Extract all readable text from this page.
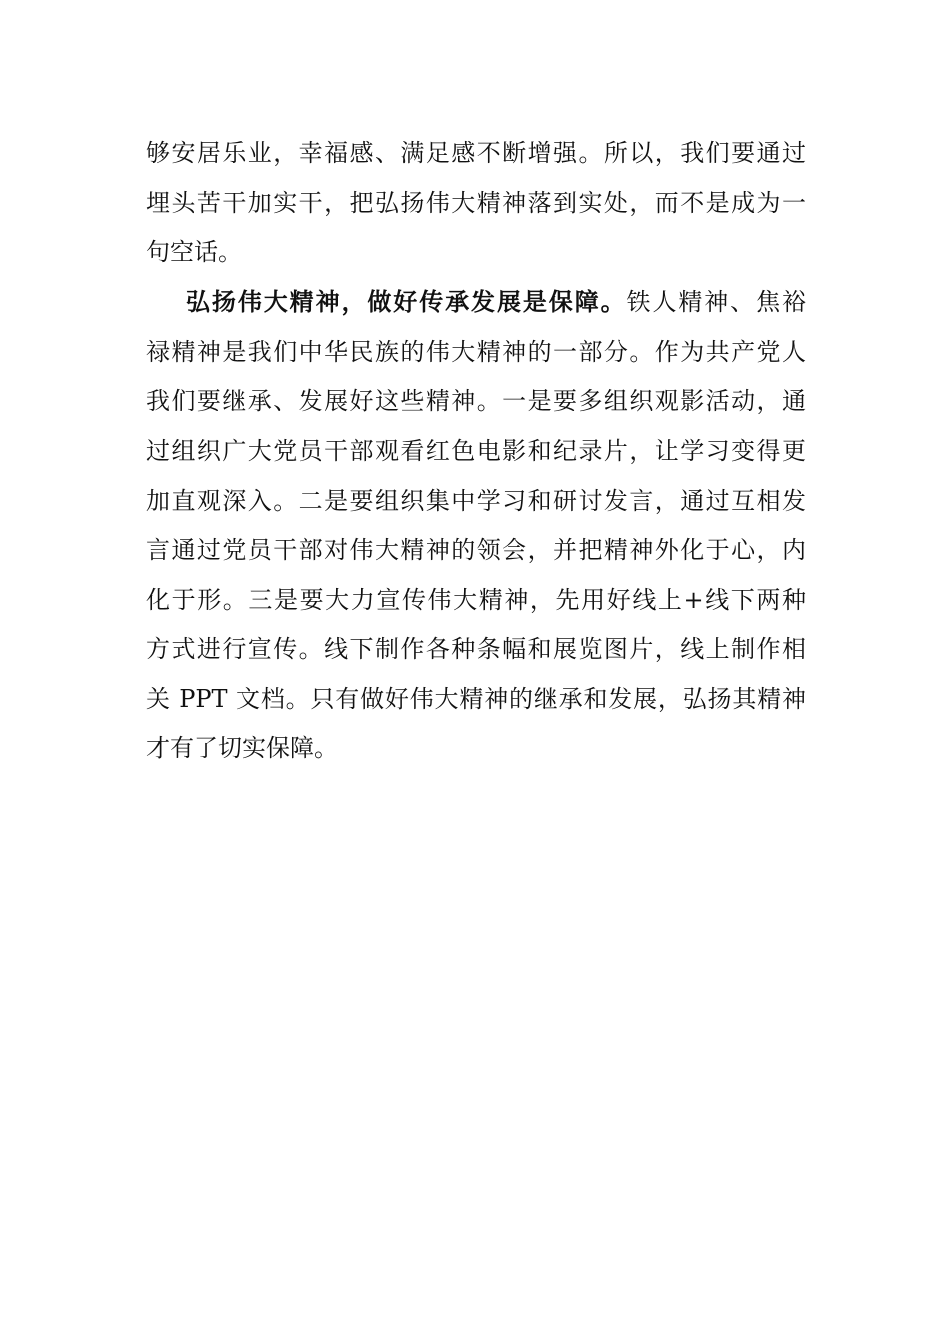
够安居乐业，幸福感、满足感不断增强。所以，我们要通过
埋头苦干加实干，把弘扬伟大精神落到实处，而不是成为一
句空话。
弘扬伟大精神，做好传承发展是保障。铁人精神、焦裕
禄精神是我们中华民族的伟大精神的一部分。作为共产党人
我们要继承、发展好这些精神。一是要多组织观影活动，通
过组织广大党员干部观看红色电影和纪录片，让学习变得更
加直观深入。二是要组织集中学习和研讨发言，通过互相发
言通过党员干部对伟大精神的领会，并把精神外化于心，内
化于形。三是要大力宣传伟大精神，先用好线上+线下两种
方式进行宣传。线下制作各种条幅和展览图片，线上制作相
关 PPT 文档。只有做好伟大精神的继承和发展，弘扬其精神
才有了切实保障。
